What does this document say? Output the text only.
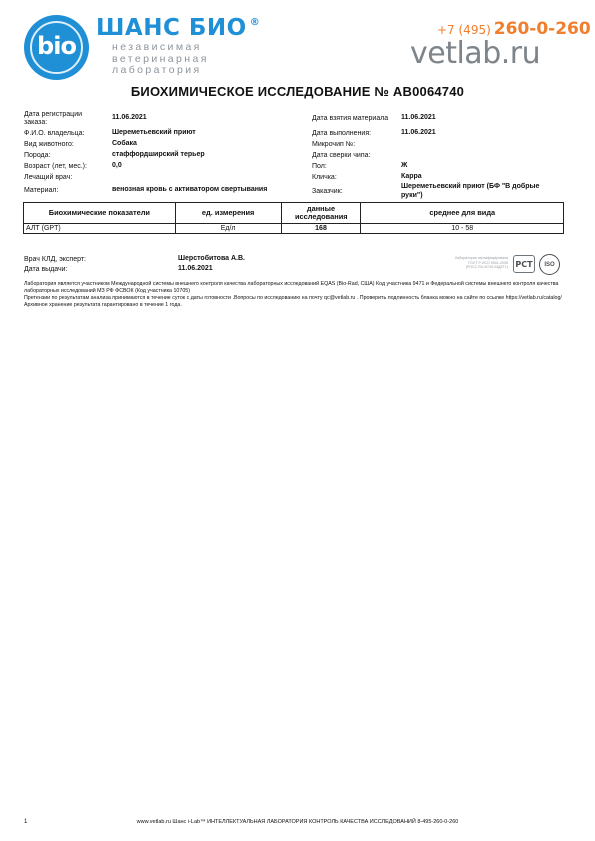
bio
ШАНС БИО ®
независимая
ветеринарная
лаборатория
+7 (495) 260-0-260
vetlab.ru
БИОХИМИЧЕСКОЕ ИССЛЕДОВАНИЕ № АВ0064740
Дата регистрации заказа:
11.06.2021
Ф.И.О. владельца:	Шереметьевский приют
Вид животного:	Собака
Порода:	стаффордширский терьер
Возраст (лет, мес.):	0,0
Лечащий врач:
Материал:	венозная кровь с активатором свертывания
Дата взятия материала 11.06.2021
Дата выполнения:	11.06.2021
Микрочип №:
Дата сверки чипа:
Пол:	Ж
Кличка:	Карра
Заказчик:
Шереметьевский приют (БФ "В добрые
руки")
Биохимические показатели	ед. измерения	данные исследования	среднее для вида
АЛТ (GPT)	Ед/л	168	10 - 58
Врач КЛД, эксперт:	Шерстобитова А.В.
Дата выдачи:	11.06.2021
Лаборатория сертифицирована
ГОСТ Р ИСО 9001-2008
(РОСС RU.И745.04ДЕГ1) PCT	ISO

Лаборатория является участником Международной системы внешнего контроля качества лабораторных исследований EQAS (Bio-Rad, США) Код участника 9471 и Федеральной системы внешнего контроля качества лабораторных исследований МЗ РФ ФСВОК (Код участника 10705)

Претензии по результатам анализа принимаются в течение суток с даты готовности .Вопросы по исследованию на почту qc@vetlab.ru . Проверить подлинность бланка можно на сайте по ссылке https://vetlab.ru/catalog/

Архивное хранение результата гарантировано в течение 1 года.

1	www.vetlab.ru Шанс i-Lab™ ИНТЕЛЛЕКТУАЛЬНАЯ ЛАБОРАТОРИЯ КОНТРОЛЬ КАЧЕСТВА ИССЛЕДОВАНИЙ 8-495-260-0-260
